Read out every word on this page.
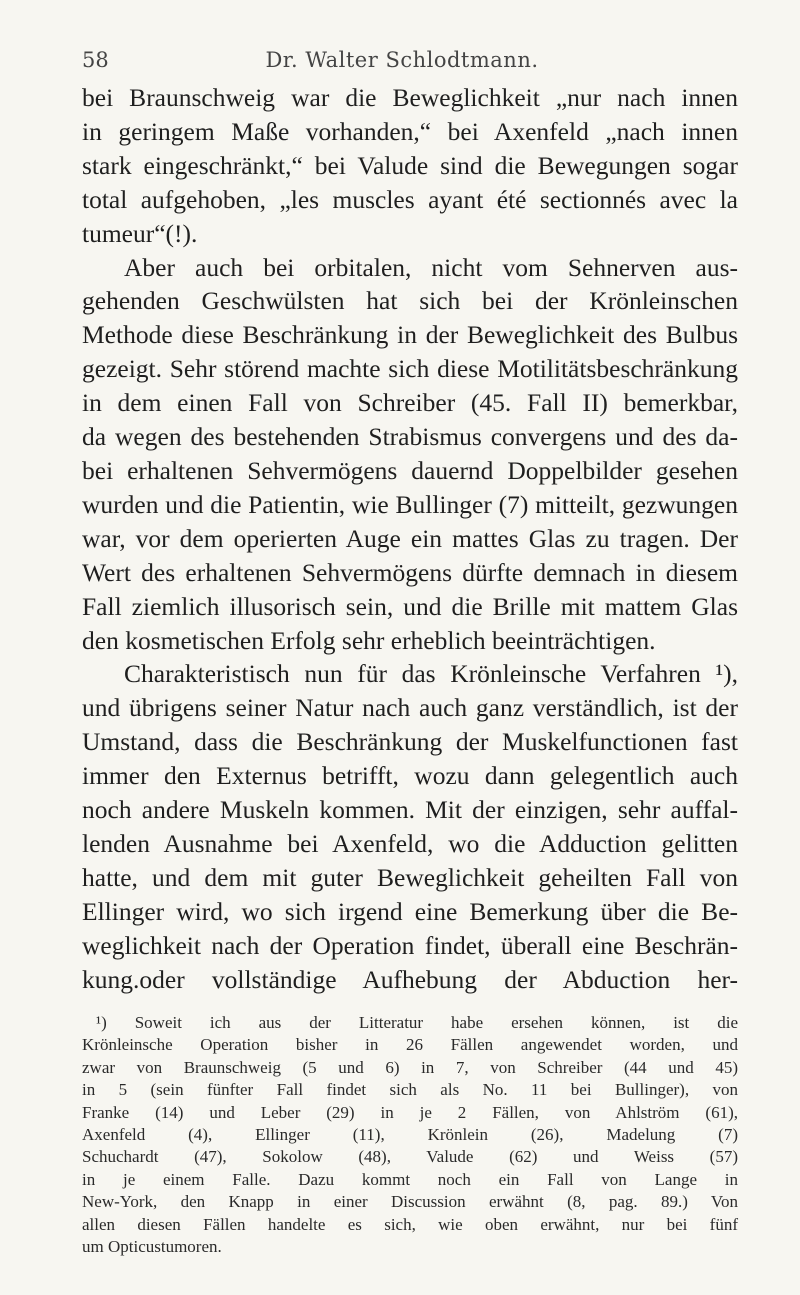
58	Dr. Walter Schlodtmann.
bei Braunschweig war die Beweglichkeit „nur nach innen
in geringem Maße vorhanden,“ bei Axenfeld „nach innen
stark eingeschränkt,“ bei Valude sind die Bewegungen sogar
total aufgehoben, „les muscles ayant été sectionnés avec la
tumeur“(!).
Aber auch bei orbitalen, nicht vom Sehnerven aus-
gehenden Geschwülsten hat sich bei der Krönleinschen
Methode diese Beschränkung in der Beweglichkeit des Bulbus
gezeigt. Sehr störend machte sich diese Motilitätsbeschränkung
in dem einen Fall von Schreiber (45. Fall II) bemerkbar,
da wegen des bestehenden Strabismus convergens und des da-
bei erhaltenen Sehvermögens dauernd Doppelbilder gesehen
wurden und die Patientin, wie Bullinger (7) mitteilt, gezwungen
war, vor dem operierten Auge ein mattes Glas zu tragen. Der
Wert des erhaltenen Sehvermögens dürfte demnach in diesem
Fall ziemlich illusorisch sein, und die Brille mit mattem Glas
den kosmetischen Erfolg sehr erheblich beeinträchtigen.
Charakteristisch nun für das Krönleinsche Verfahren ¹),
und übrigens seiner Natur nach auch ganz verständlich, ist der
Umstand, dass die Beschränkung der Muskelfunctionen fast
immer den Externus betrifft, wozu dann gelegentlich auch
noch andere Muskeln kommen. Mit der einzigen, sehr auffal-
lenden Ausnahme bei Axenfeld, wo die Adduction gelitten
hatte, und dem mit guter Beweglichkeit geheilten Fall von
Ellinger wird, wo sich irgend eine Bemerkung über die Be-
weglichkeit nach der Operation findet, überall eine Beschrän-
kung.oder vollständige Aufhebung der Abduction her-
¹) Soweit ich aus der Litteratur habe ersehen können, ist die
Krönleinsche Operation bisher in 26 Fällen angewendet worden, und
zwar von Braunschweig (5 und 6) in 7, von Schreiber (44 und 45)
in 5 (sein fünfter Fall findet sich als No. 11 bei Bullinger), von
Franke (14) und Leber (29) in je 2 Fällen, von Ahlström (61),
Axenfeld (4), Ellinger (11), Krönlein (26), Madelung (7)
Schuchardt (47), Sokolow (48), Valude (62) und Weiss (57)
in je einem Falle. Dazu kommt noch ein Fall von Lange in
New-York, den Knapp in einer Discussion erwähnt (8, pag. 89.) Von
allen diesen Fällen handelte es sich, wie oben erwähnt, nur bei fünf
um Opticustumoren.
